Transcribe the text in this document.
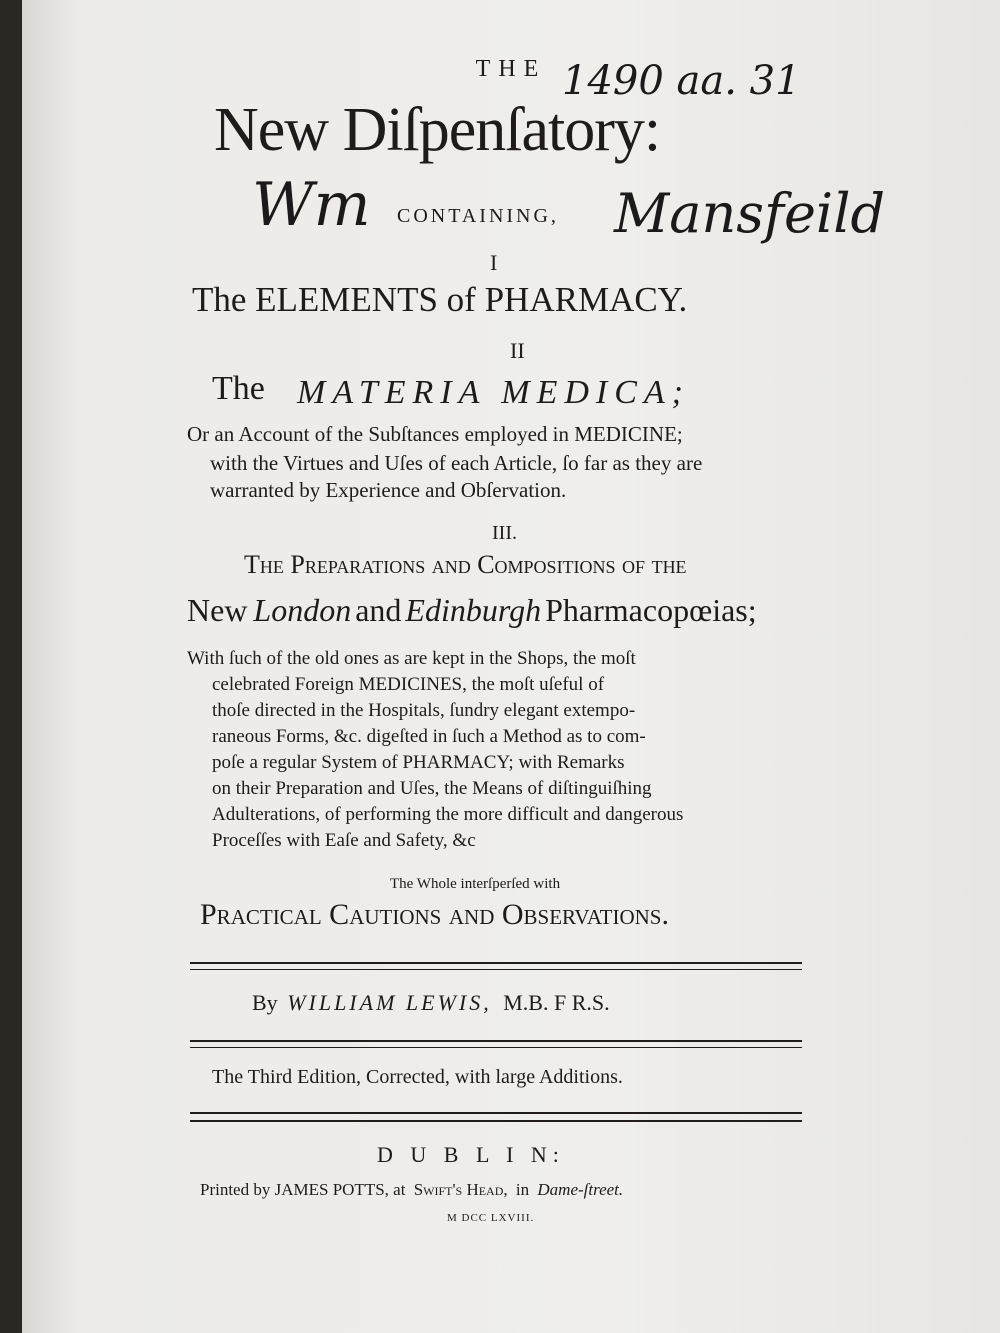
THE
New Diſpenſatory:
1490 aa. 31
Wm CONTAINING, Mansfeild
I
The ELEMENTS of PHARMACY.
II
The MATERIA MEDICA;
Or an Account of the Subſtances employed in MEDICINE;
with the Virtues and Uſes of each Article, ſo far as they are
warranted by Experience and Obſervation.
III.
The Preparations and Compositions of the
New London and Edinburgh Pharmacopœias;
With ſuch of the old ones as are kept in the Shops, the moſt
celebrated Foreign MEDICINES, the moſt uſeful of
thoſe directed in the Hospitals, ſundry elegant extempo-
raneous Forms, &c. digeſted in ſuch a Method as to com-
poſe a regular System of PHARMACY; with Remarks
on their Preparation and Uſes, the Means of diſtinguiſhing
Adulterations, of performing the more difficult and dangerous
Proceſſes with Eaſe and Safety, &c
The Whole interſperſed with
Practical Cautions and Observations.
By WILLIAM LEWIS, M.B. F R.S.
The Third Edition, Corrected, with large Additions.
D U B L I N:
Printed by JAMES POTTS, at Swift's Head, in Dame-ſtreet.
M DCC LXVIII.
